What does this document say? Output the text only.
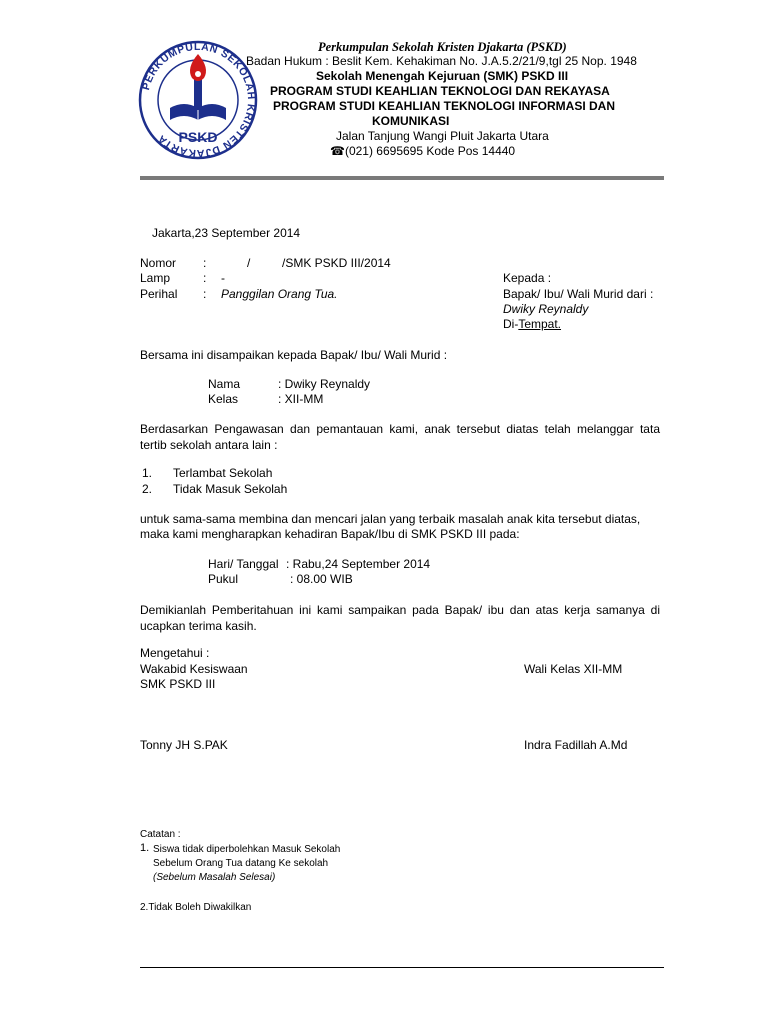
PERKUMPULAN SEKOLAH KRISTEN DJAKARTA PSKD
Perkumpulan Sekolah Kristen Djakarta (PSKD)
Badan Hukum : Beslit Kem. Kehakiman No. J.A.5.2/21/9,tgl 25 Nop. 1948
Sekolah Menengah Kejuruan (SMK) PSKD III
PROGRAM STUDI KEAHLIAN TEKNOLOGI DAN REKAYASA
PROGRAM STUDI KEAHLIAN TEKNOLOGI INFORMASI DAN
KOMUNIKASI
Jalan Tanjung Wangi Pluit Jakarta Utara
☎(021) 6695695 Kode Pos 14440
Jakarta,23 September 2014
Nomor :	/	/SMK PSKD III/2014
Lamp	: -
Perihal : Panggilan Orang Tua.
Kepada :
Bapak/ Ibu/ Wali Murid dari :
Dwiky Reynaldy
Di-Tempat.
Bersama ini disampaikan kepada Bapak/ Ibu/ Wali Murid :
Nama	: Dwiky Reynaldy
Kelas	: XII-MM
Berdasarkan Pengawasan dan pemantauan kami, anak tersebut diatas telah melanggar tata tertib sekolah antara lain :
1. Terlambat Sekolah
2. Tidak Masuk Sekolah
untuk sama-sama membina dan mencari jalan yang terbaik masalah anak kita tersebut diatas,
maka kami mengharapkan kehadiran Bapak/Ibu di SMK PSKD III pada:
Hari/ Tanggal : Rabu,24 September 2014
Pukul	: 08.00 WIB
Demikianlah Pemberitahuan ini kami sampaikan pada Bapak/ ibu dan atas kerja samanya di ucapkan terima kasih.
Mengetahui :
Wakabid Kesiswaan
SMK PSKD III
Wali Kelas XII-MM
Tonny JH S.PAK	Indra Fadillah A.Md
Catatan :
1. Siswa tidak diperbolehkan Masuk Sekolah
Sebelum Orang Tua datang Ke sekolah
(Sebelum Masalah Selesai)
2.Tidak Boleh Diwakilkan
